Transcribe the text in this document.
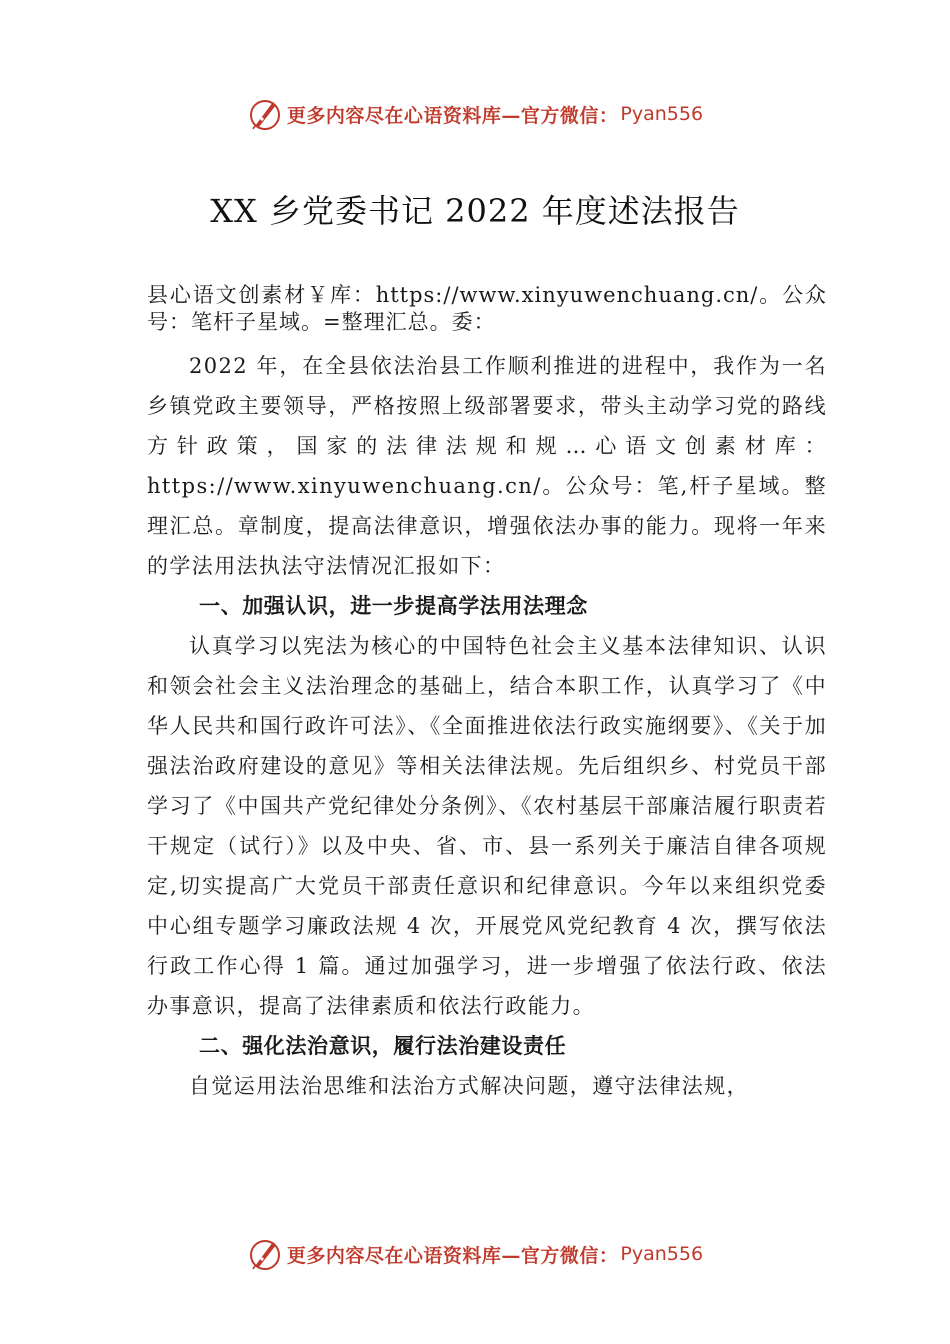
更多内容尽在心语资料库—官方微信： Pyan556
XX 乡党委书记 2022 年度述法报告

县心语文创素材￥库：https://www.xinyuwenchuang.cn/。公众号：笔杆子星域。=整理汇总。委：

2022 年，在全县依法治县工作顺利推进的进程中，我作为一名乡镇党政主要领导，严格按照上级部署要求，带头主动学习党的路线方针政策，国家的法律法规和规…心语文创素材库：https://www.xinyuwenchuang.cn/。公众号：笔,杆子星域。整理汇总。章制度，提高法律意识，增强依法办事的能力。现将一年来的学法用法执法守法情况汇报如下：

一、加强认识，进一步提高学法用法理念

认真学习以宪法为核心的中国特色社会主义基本法律知识、认识和领会社会主义法治理念的基础上，结合本职工作，认真学习了《中华人民共和国行政许可法》、《全面推进依法行政实施纲要》、《关于加强法治政府建设的意见》等相关法律法规。先后组织乡、村党员干部学习了《中国共产党纪律处分条例》、《农村基层干部廉洁履行职责若干规定（试行）》以及中央、省、市、县一系列关于廉洁自律各项规定,切实提高广大党员干部责任意识和纪律意识。今年以来组织党委中心组专题学习廉政法规 4 次，开展党风党纪教育 4 次，撰写依法行政工作心得 1 篇。通过加强学习，进一步增强了依法行政、依法办事意识，提高了法律素质和依法行政能力。

二、强化法治意识，履行法治建设责任

自觉运用法治思维和法治方式解决问题，遵守法律法规，

更多内容尽在心语资料库—官方微信： Pyan556
